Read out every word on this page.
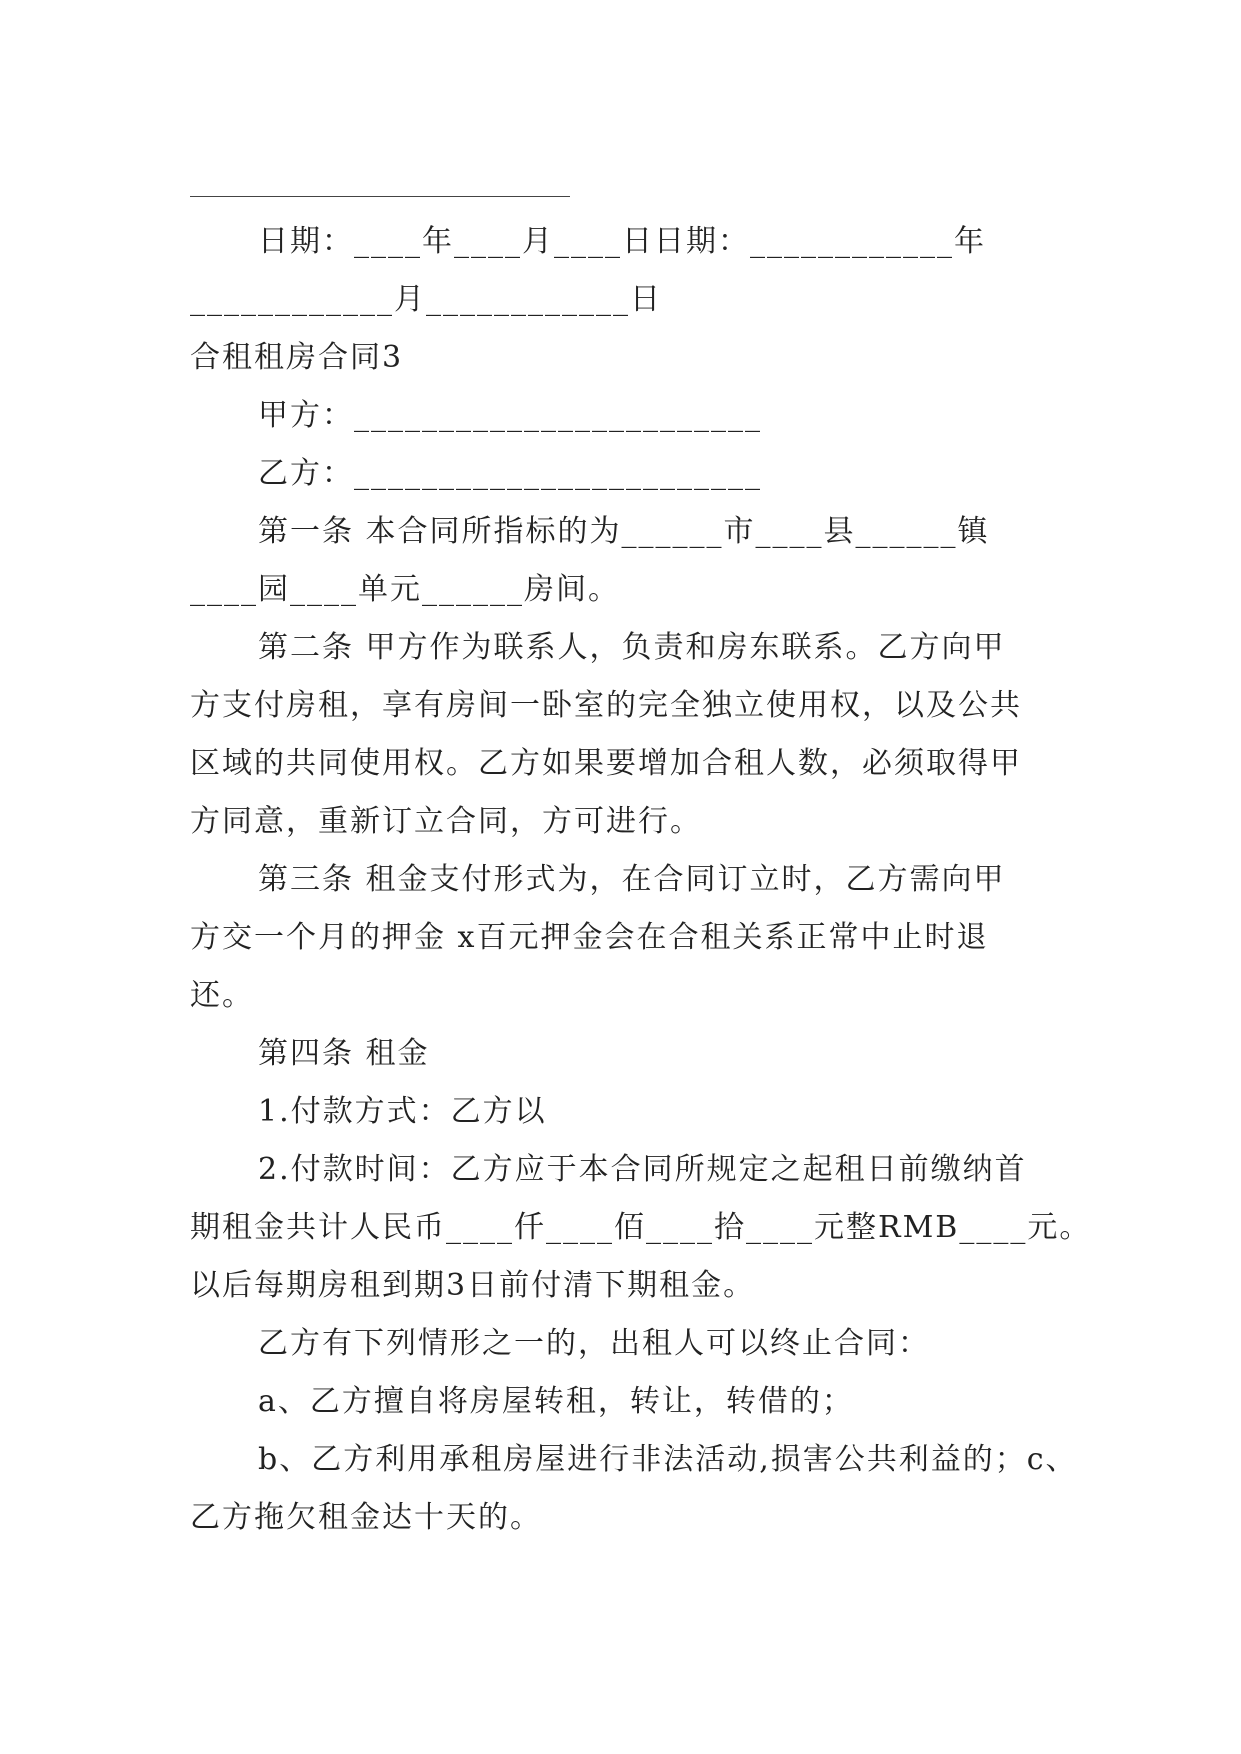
日期：____年____月____日日期：____________年
____________月____________日
合租租房合同3
甲方：________________________
乙方：________________________
第一条 本合同所指标的为______市____县______镇
____园____单元______房间。
第二条 甲方作为联系人，负责和房东联系。乙方向甲
方支付房租，享有房间一卧室的完全独立使用权，以及公共
区域的共同使用权。乙方如果要增加合租人数，必须取得甲
方同意，重新订立合同，方可进行。
第三条 租金支付形式为，在合同订立时，乙方需向甲
方交一个月的押金 x百元押金会在合租关系正常中止时退
还。
第四条 租金
1.付款方式：乙方以
2.付款时间：乙方应于本合同所规定之起租日前缴纳首
期租金共计人民币____仟____佰____拾____元整RMB____元。
以后每期房租到期3日前付清下期租金。
乙方有下列情形之一的，出租人可以终止合同：
a、乙方擅自将房屋转租，转让，转借的；
b、乙方利用承租房屋进行非法活动,损害公共利益的；c、
乙方拖欠租金达十天的。
